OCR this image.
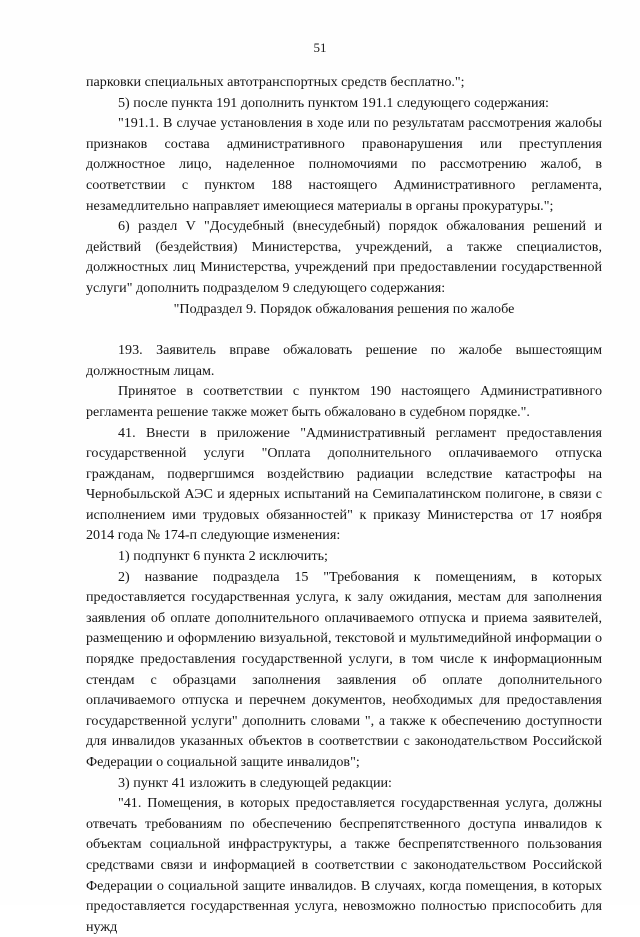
51

парковки специальных автотранспортных средств бесплатно.";

5) после пункта 191 дополнить пунктом 191.1 следующего содержания:

"191.1. В случае установления в ходе или по результатам рассмотрения жалобы признаков состава административного правонарушения или преступления должностное лицо, наделенное полномочиями по рассмотрению жалоб, в соответствии с пунктом 188 настоящего Административного регламента, незамедлительно направляет имеющиеся материалы в органы прокуратуры.";

6) раздел V "Досудебный (внесудебный) порядок обжалования решений и действий (бездействия) Министерства, учреждений, а также специалистов, должностных лиц Министерства, учреждений при предоставлении государственной услуги" дополнить подразделом 9 следующего содержания:

"Подраздел 9. Порядок обжалования решения по жалобе

193. Заявитель вправе обжаловать решение по жалобе вышестоящим должностным лицам.

Принятое в соответствии с пунктом 190 настоящего Административного регламента решение также может быть обжаловано в судебном порядке.".

41. Внести в приложение "Административный регламент предоставления государственной услуги "Оплата дополнительного оплачиваемого отпуска гражданам, подвергшимся воздействию радиации вследствие катастрофы на Чернобыльской АЭС и ядерных испытаний на Семипалатинском полигоне, в связи с исполнением ими трудовых обязанностей" к приказу Министерства от 17 ноября 2014 года № 174-п следующие изменения:

1) подпункт 6 пункта 2 исключить;

2) название подраздела 15 "Требования к помещениям, в которых предоставляется государственная услуга, к залу ожидания, местам для заполнения заявления об оплате дополнительного оплачиваемого отпуска и приема заявителей, размещению и оформлению визуальной, текстовой и мультимедийной информации о порядке предоставления государственной услуги, в том числе к информационным стендам с образцами заполнения заявления об оплате дополнительного оплачиваемого отпуска и перечнем документов, необходимых для предоставления государственной услуги" дополнить словами ", а также к обеспечению доступности для инвалидов указанных объектов в соответствии с законодательством Российской Федерации о социальной защите инвалидов";

3) пункт 41 изложить в следующей редакции:

"41. Помещения, в которых предоставляется государственная услуга, должны отвечать требованиям по обеспечению беспрепятственного доступа инвалидов к объектам социальной инфраструктуры, а также беспрепятственного пользования средствами связи и информацией в соответствии с законодательством Российской Федерации о социальной защите инвалидов. В случаях, когда помещения, в которых предоставляется государственная услуга, невозможно полностью приспособить для нужд
